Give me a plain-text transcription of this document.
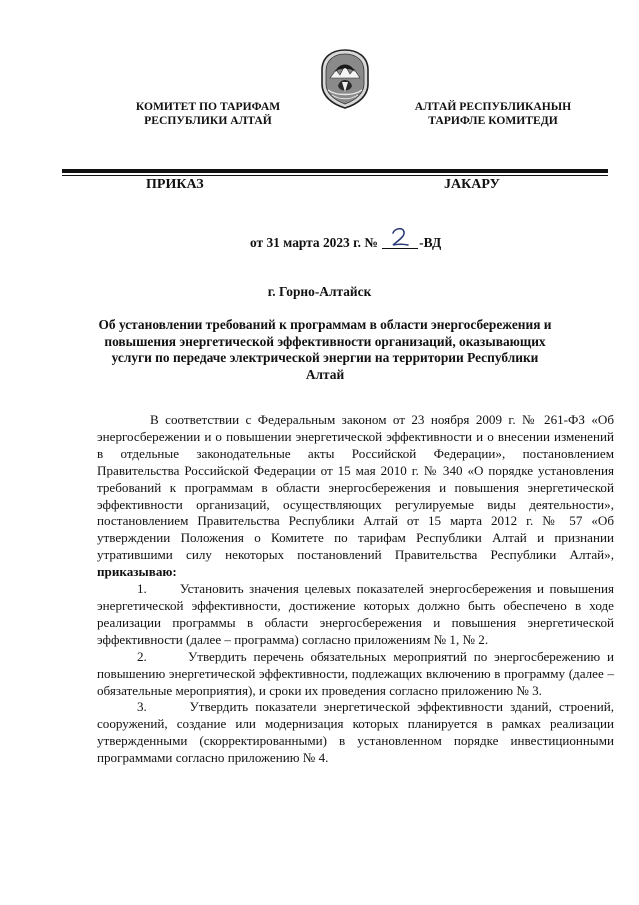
КОМИТЕТ ПО ТАРИФАМ
РЕСПУБЛИКИ АЛТАЙ
АЛТАЙ РЕСПУБЛИКАНЫН
ТАРИФЛЕ КОМИТЕДИ
ПРИКАЗ	ЈАКАРУ
от 31 марта 2023 г. №	-ВД
г. Горно-Алтайск
Об установлении требований к программам в области энергосбережения и повышения энергетической эффективности организаций, оказывающих услуги по передаче электрической энергии на территории Республики Алтай

В соответствии с Федеральным законом от 23 ноября 2009 г. № 261-ФЗ «Об энергосбережении и о повышении энергетической эффективности и о внесении изменений в отдельные законодательные акты Российской Федерации», постановлением Правительства Российской Федерации от 15 мая 2010 г. № 340 «О порядке установления требований к программам в области энергосбережения и повышения энергетической эффективности организаций, осуществляющих регулируемые виды деятельности», постановлением Правительства Республики Алтай от 15 марта 2012 г. № 57 «Об утверждении Положения о Комитете по тарифам Республики Алтай и признании утратившими силу некоторых постановлений Правительства Республики Алтай», приказываю:

1.      Установить значения целевых показателей энергосбережения и повышения энергетической эффективности, достижение которых должно быть обеспечено в ходе реализации программы в области энергосбережения и повышения энергетической эффективности (далее – программа) согласно приложениям № 1, № 2.

2.      Утвердить перечень обязательных мероприятий по энергосбережению и повышению энергетической эффективности, подлежащих включению в программу (далее – обязательные мероприятия), и сроки их проведения согласно приложению № 3.

3.      Утвердить показатели энергетической эффективности зданий, строений, сооружений, создание или модернизация которых планируется в рамках реализации утвержденными (скорректированными) в установленном порядке инвестиционными программами согласно приложению № 4.
